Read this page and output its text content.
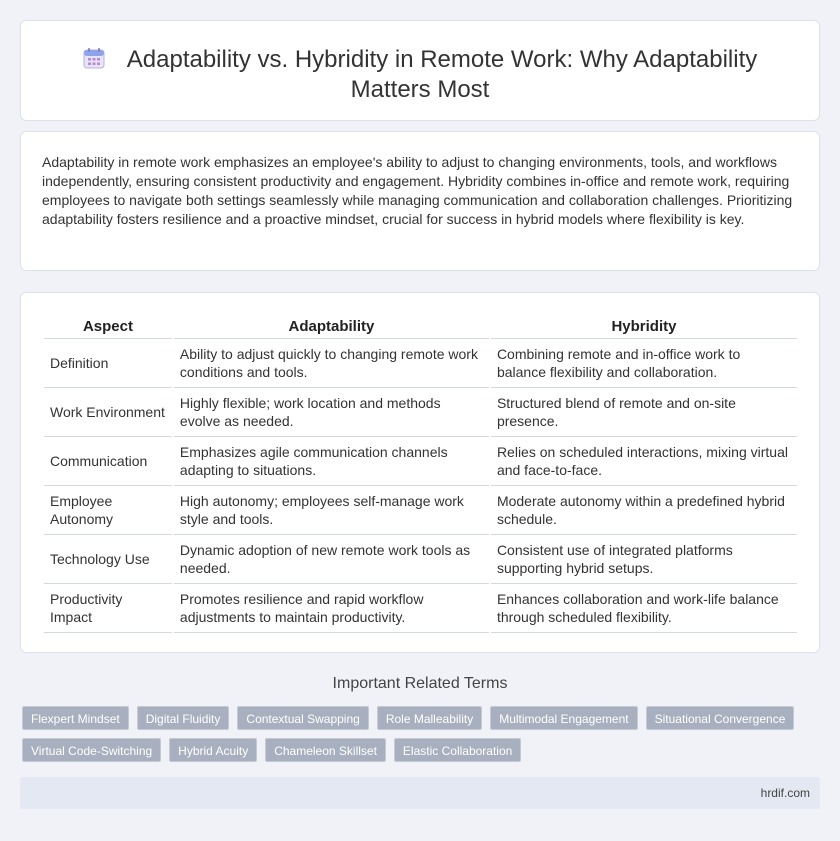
Adaptability vs. Hybridity in Remote Work: Why Adaptability Matters Most

Adaptability in remote work emphasizes an employee's ability to adjust to changing environments, tools, and workflows independently, ensuring consistent productivity and engagement. Hybridity combines in-office and remote work, requiring employees to navigate both settings seamlessly while managing communication and collaboration challenges. Prioritizing adaptability fosters resilience and a proactive mindset, crucial for success in hybrid models where flexibility is key.

Aspect	Adaptability	Hybridity
Definition	Ability to adjust quickly to changing remote work conditions and tools.	Combining remote and in-office work to balance flexibility and collaboration.
Work Environment	Highly flexible; work location and methods evolve as needed.	Structured blend of remote and on-site presence.
Communication	Emphasizes agile communication channels adapting to situations.	Relies on scheduled interactions, mixing virtual and face-to-face.
Employee Autonomy	High autonomy; employees self-manage work style and tools.	Moderate autonomy within a predefined hybrid schedule.
Technology Use	Dynamic adoption of new remote work tools as needed.	Consistent use of integrated platforms supporting hybrid setups.
Productivity Impact	Promotes resilience and rapid workflow adjustments to maintain productivity.	Enhances collaboration and work-life balance through scheduled flexibility.
Important Related Terms
Flexpert Mindset	Digital Fluidity	Contextual Swapping	Role Malleability	Multimodal Engagement	Situational Convergence
Virtual Code-Switching	Hybrid Acuity	Chameleon Skillset	Elastic Collaboration
hrdif.com
